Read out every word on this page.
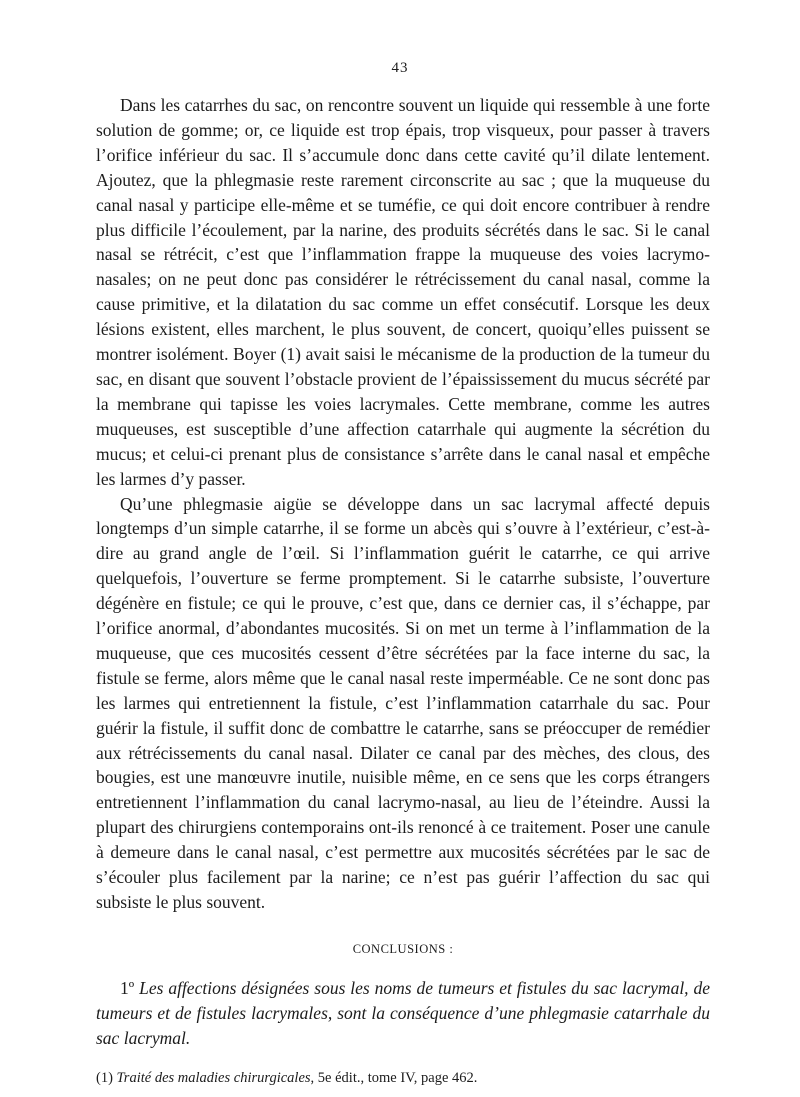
43

Dans les catarrhes du sac, on rencontre souvent un liquide qui ressemble à une forte solution de gomme; or, ce liquide est trop épais, trop visqueux, pour passer à travers l’orifice inférieur du sac. Il s’accumule donc dans cette cavité qu’il dilate lentement. Ajoutez, que la phlegmasie reste rarement circonscrite au sac ; que la muqueuse du canal nasal y participe elle-même et se tuméfie, ce qui doit encore contribuer à rendre plus difficile l’écoulement, par la narine, des produits sécrétés dans le sac. Si le canal nasal se rétrécit, c’est que l’inflammation frappe la muqueuse des voies lacrymo-nasales; on ne peut donc pas considérer le rétrécissement du canal nasal, comme la cause primitive, et la dilatation du sac comme un effet consécutif. Lorsque les deux lésions existent, elles marchent, le plus souvent, de concert, quoiqu’elles puissent se montrer isolément. Boyer (1) avait saisi le mécanisme de la production de la tumeur du sac, en disant que souvent l’obstacle provient de l’épaississement du mucus sécrété par la membrane qui tapisse les voies lacrymales. Cette membrane, comme les autres muqueuses, est susceptible d’une affection catarrhale qui augmente la sécrétion du mucus; et celui-ci prenant plus de consistance s’arrête dans le canal nasal et empêche les larmes d’y passer.

Qu’une phlegmasie aigüe se développe dans un sac lacrymal affecté depuis longtemps d’un simple catarrhe, il se forme un abcès qui s’ouvre à l’extérieur, c’est-à-dire au grand angle de l’œil. Si l’inflammation guérit le catarrhe, ce qui arrive quelquefois, l’ouverture se ferme promptement. Si le catarrhe subsiste, l’ouverture dégénère en fistule; ce qui le prouve, c’est que, dans ce dernier cas, il s’échappe, par l’orifice anormal, d’abondantes mucosités. Si on met un terme à l’inflammation de la muqueuse, que ces mucosités cessent d’être sécrétées par la face interne du sac, la fistule se ferme, alors même que le canal nasal reste imperméable. Ce ne sont donc pas les larmes qui entretiennent la fistule, c’est l’inflammation catarrhale du sac. Pour guérir la fistule, il suffit donc de combattre le catarrhe, sans se préoccuper de remédier aux rétrécissements du canal nasal. Dilater ce canal par des mèches, des clous, des bougies, est une manœuvre inutile, nuisible même, en ce sens que les corps étrangers entretiennent l’inflammation du canal lacrymo-nasal, au lieu de l’éteindre. Aussi la plupart des chirurgiens contemporains ont-ils renoncé à ce traitement. Poser une canule à demeure dans le canal nasal, c’est permettre aux mucosités sécrétées par le sac de s’écouler plus facilement par la narine; ce n’est pas guérir l’affection du sac qui subsiste le plus souvent.

CONCLUSIONS :

1º Les affections désignées sous les noms de tumeurs et fistules du sac lacrymal, de tumeurs et de fistules lacrymales, sont la conséquence d’une phlegmasie catarrhale du sac lacrymal.

(1) Traité des maladies chirurgicales, 5e édit., tome IV, page 462.
